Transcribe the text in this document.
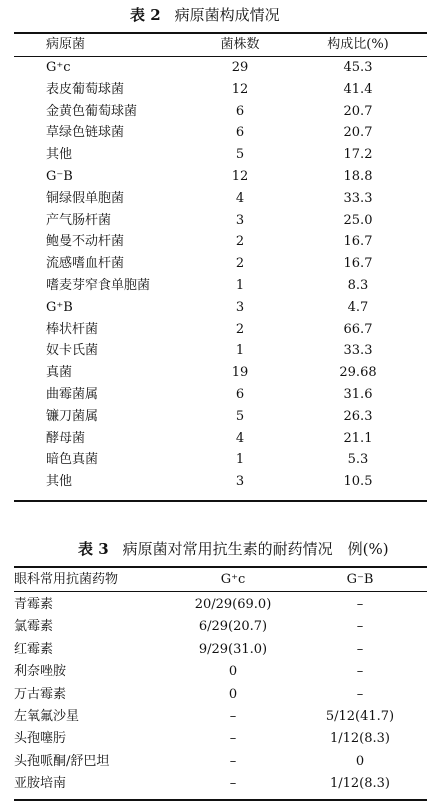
表 2 病原菌构成情况
病原菌	菌株数	构成比(%)
G⁺c	29	45.3
表皮葡萄球菌	12	41.4
金黄色葡萄球菌	6	20.7
草绿色链球菌	6	20.7
其他	5	17.2
G⁻B	12	18.8
铜绿假单胞菌	4	33.3
产气肠杆菌	3	25.0
鲍曼不动杆菌	2	16.7
流感嗜血杆菌	2	16.7
嗜麦芽窄食单胞菌	1	8.3
G⁺B	3	4.7
棒状杆菌	2	66.7
奴卡氏菌	1	33.3
真菌	19	29.68
曲霉菌属	6	31.6
镰刀菌属	5	26.3
酵母菌	4	21.1
暗色真菌	1	5.3
其他	3	10.5
表 3 病原菌对常用抗生素的耐药情况　例(%)
眼科常用抗菌药物	G⁺c	G⁻B
青霉素	20/29(69.0)	–
氯霉素	6/29(20.7)	–
红霉素	9/29(31.0)	–
利奈唑胺	0	–
万古霉素	0	–
左氧氟沙星	–	5/12(41.7)
头孢噻肟	–	1/12(8.3)
头孢哌酮/舒巴坦	–	0
亚胺培南	–	1/12(8.3)
